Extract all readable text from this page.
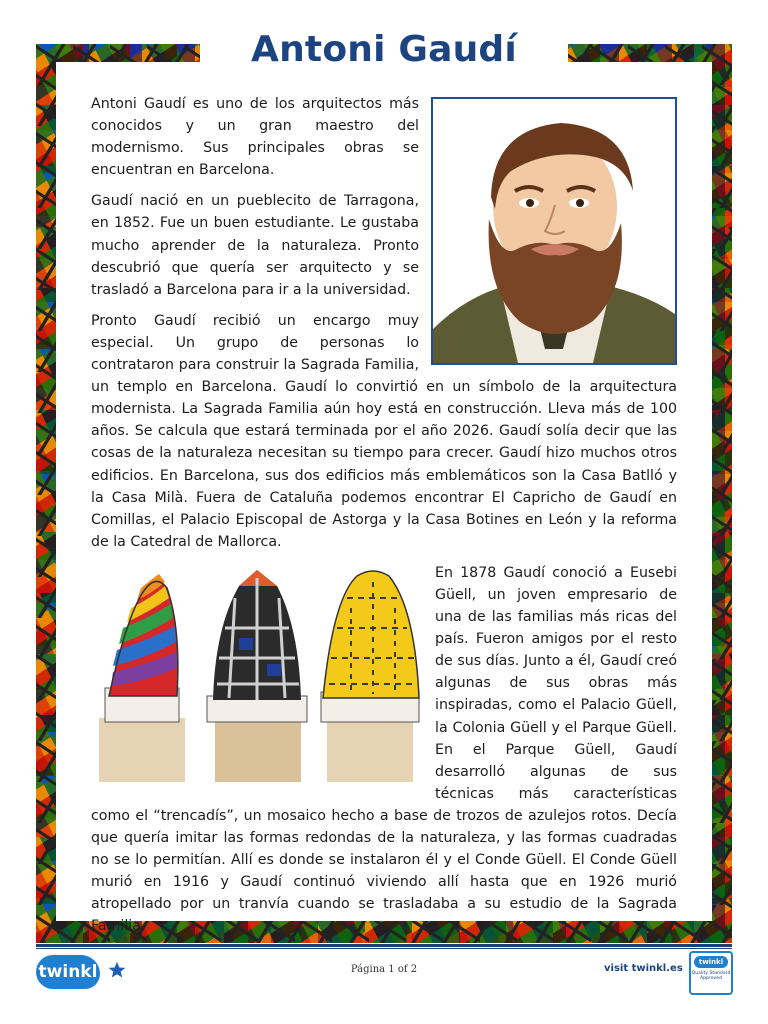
Antoni Gaudí

Antoni Gaudí es uno de los arquitectos más conocidos y un gran maestro del modernismo. Sus principales obras se encuentran en Barcelona.

Gaudí nació en un pueblecito de Tarragona, en 1852. Fue un buen estudiante. Le gustaba mucho aprender de la naturaleza. Pronto descubrió que quería ser arquitecto y se trasladó a Barcelona para ir a la universidad.

Pronto Gaudí recibió un encargo muy especial. Un grupo de personas lo contrataron para construir la Sagrada Familia, un templo en Barcelona. Gaudí lo convirtió en un símbolo de la arquitectura modernista. La Sagrada Familia aún hoy está en construcción. Lleva más de 100 años. Se calcula que estará terminada por el año 2026. Gaudí solía decir que las cosas de la naturaleza necesitan su tiempo para crecer. Gaudí hizo muchos otros edificios. En Barcelona, sus dos edificios más emblemáticos son la Casa Batlló y la Casa Milà. Fuera de Cataluña podemos encontrar El Capricho de Gaudí en Comillas, el Palacio Episcopal de Astorga y la Casa Botines en León y la reforma de la Catedral de Mallorca.

En 1878 Gaudí conoció a Eusebi Güell, un joven empresario de una de las familias más ricas del país. Fueron amigos por el resto de sus días. Junto a él, Gaudí creó algunas de sus obras más inspiradas, como el Palacio Güell, la Colonia Güell y el Parque Güell. En el Parque Güell, Gaudí desarrolló algunas de sus técnicas más características como el “trencadís”, un mosaico hecho a base de trozos de azulejos rotos. Decía que quería imitar las formas redondas de la naturaleza, y las formas cuadradas no se lo permitían. Allí es donde se instalaron él y el Conde Güell. El Conde Güell murió en 1916 y Gaudí continuó viviendo allí hasta que en 1926 murió atropellado por un tranvía cuando se trasladaba a su estudio de la Sagrada Familia.

twinkl	Página 1 of 2	visit twinkl.es
twinkl
Quality Standard Approved
